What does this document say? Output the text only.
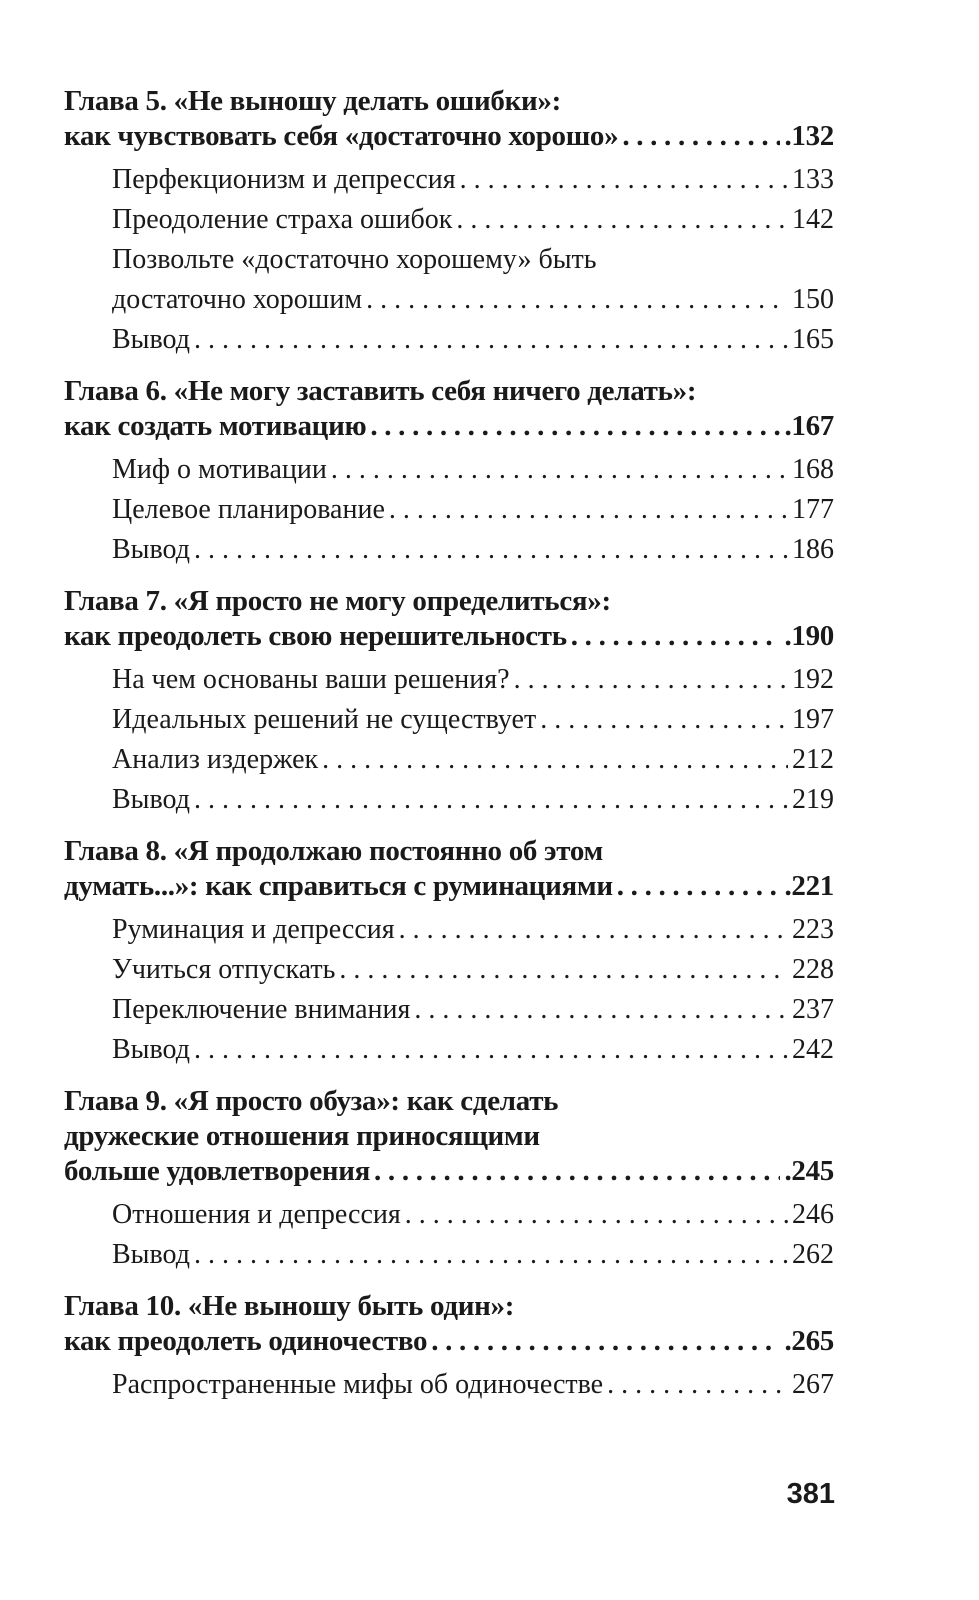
Глава 5. «Не выношу делать ошибки»:
как чувствовать себя «достаточно хорошо» . . .	.132
Перфекционизм и депрессия . . .	133
Преодоление страха ошибок . . .	142
Позвольте «достаточно хорошему» быть
достаточно хорошим . . .	150
Вывод . . .	165
Глава 6. «Не могу заставить себя ничего делать»:
как создать мотивацию . . .	.167
Миф о мотивации . . .	168
Целевое планирование . . .	177
Вывод . . .	186
Глава 7. «Я просто не могу определиться»:
как преодолеть свою нерешительность . . .	.190
На чем основаны ваши решения? . . .	192
Идеальных решений не существует . . .	197
Анализ издержек . . .	212
Вывод . . .	219
Глава 8. «Я продолжаю постоянно об этом
думать...»: как справиться с руминациями . . .	.221
Руминация и депрессия . . .	223
Учиться отпускать . . .	228
Переключение внимания . . .	237
Вывод . . .	242
Глава 9. «Я просто обуза»: как сделать
дружеские отношения приносящими
больше удовлетворения . . .	.245
Отношения и депрессия . . .	246
Вывод . . .	262
Глава 10. «Не выношу быть один»:
как преодолеть одиночество . . .	.265
Распространенные мифы об одиночестве . . .	267
381
